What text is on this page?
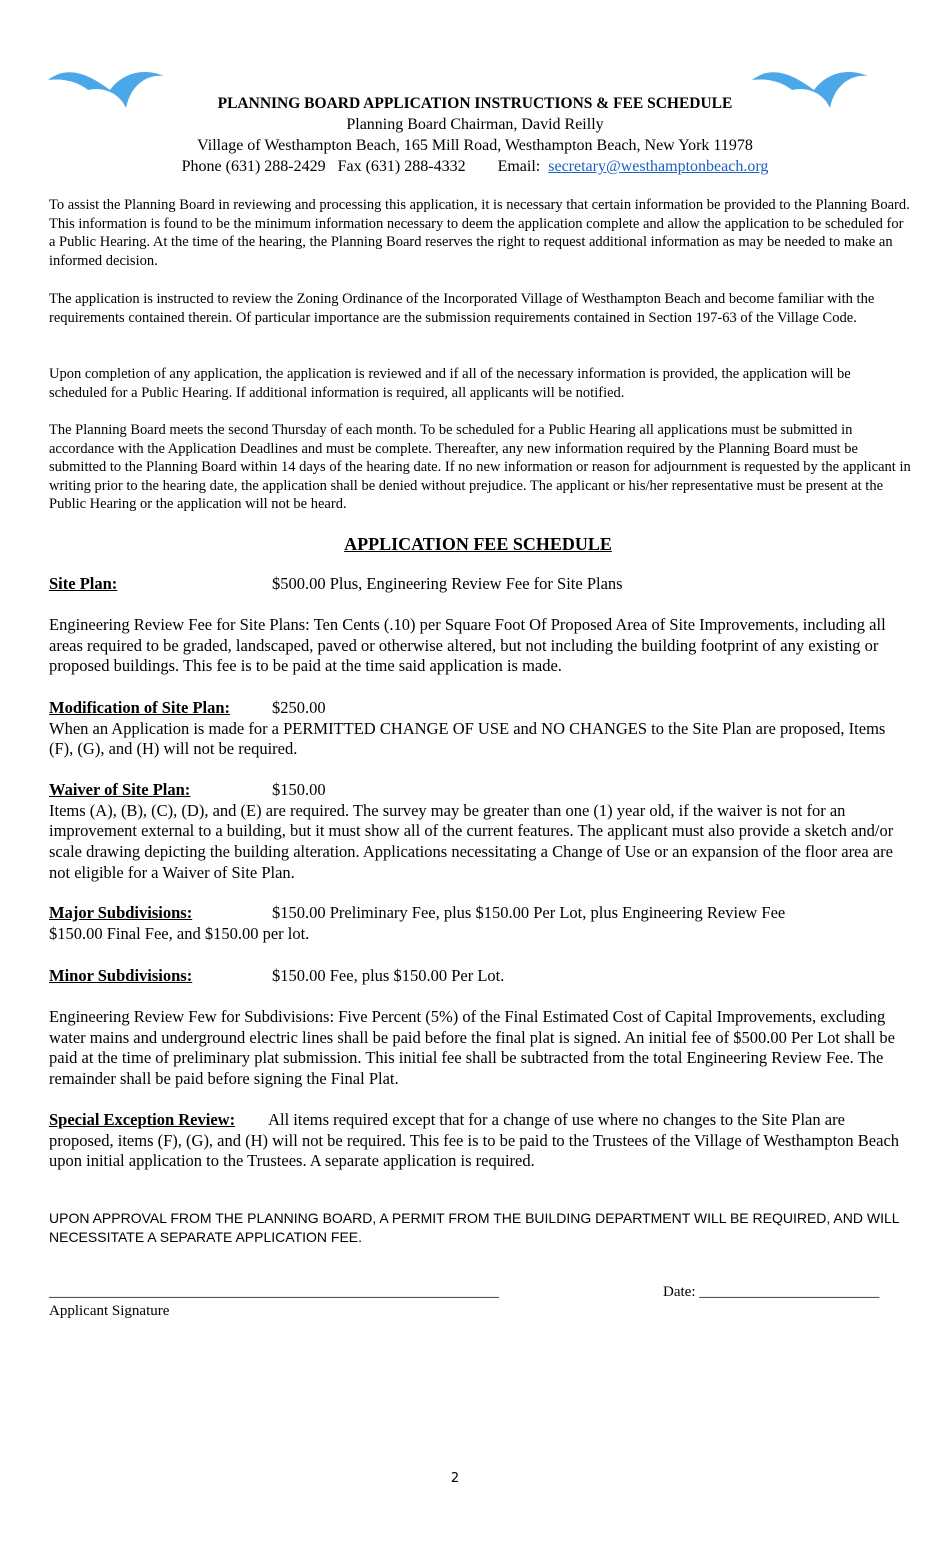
PLANNING BOARD APPLICATION INSTRUCTIONS & FEE SCHEDULE
Planning Board Chairman, David Reilly
Village of Westhampton Beach, 165 Mill Road, Westhampton Beach, New York 11978
Phone (631) 288-2429 Fax (631) 288-4332 Email: secretary@westhamptonbeach.org
To assist the Planning Board in reviewing and processing this application, it is necessary that certain information be provided to the Planning Board. This information is found to be the minimum information necessary to deem the application complete and allow the application to be scheduled for a Public Hearing. At the time of the hearing, the Planning Board reserves the right to request additional information as may be needed to make an informed decision.
The application is instructed to review the Zoning Ordinance of the Incorporated Village of Westhampton Beach and become familiar with the requirements contained therein. Of particular importance are the submission requirements contained in Section 197-63 of the Village Code.
Upon completion of any application, the application is reviewed and if all of the necessary information is provided, the application will be scheduled for a Public Hearing. If additional information is required, all applicants will be notified.
The Planning Board meets the second Thursday of each month. To be scheduled for a Public Hearing all applications must be submitted in accordance with the Application Deadlines and must be complete. Thereafter, any new information required by the Planning Board must be submitted to the Planning Board within 14 days of the hearing date. If no new information or reason for adjournment is requested by the applicant in writing prior to the hearing date, the application shall be denied without prejudice. The applicant or his/her representative must be present at the Public Hearing or the application will not be heard.
APPLICATION FEE SCHEDULE
Site Plan:	$500.00 Plus, Engineering Review Fee for Site Plans
Engineering Review Fee for Site Plans: Ten Cents (.10) per Square Foot Of Proposed Area of Site Improvements, including all areas required to be graded, landscaped, paved or otherwise altered, but not including the building footprint of any existing or proposed buildings. This fee is to be paid at the time said application is made.
Modification of Site Plan:	$250.00
When an Application is made for a PERMITTED CHANGE OF USE and NO CHANGES to the Site Plan are proposed, Items (F), (G), and (H) will not be required.
Waiver of Site Plan:	$150.00
Items (A), (B), (C), (D), and (E) are required. The survey may be greater than one (1) year old, if the waiver is not for an improvement external to a building, but it must show all of the current features. The applicant must also provide a sketch and/or scale drawing depicting the building alteration. Applications necessitating a Change of Use or an expansion of the floor area are not eligible for a Waiver of Site Plan.
Major Subdivisions:	$150.00 Preliminary Fee, plus $150.00 Per Lot, plus Engineering Review Fee
$150.00 Final Fee, and $150.00 per lot.
Minor Subdivisions:	$150.00 Fee, plus $150.00 Per Lot.
Engineering Review Few for Subdivisions: Five Percent (5%) of the Final Estimated Cost of Capital Improvements, excluding water mains and underground electric lines shall be paid before the final plat is signed. An initial fee of $500.00 Per Lot shall be paid at the time of preliminary plat submission. This initial fee shall be subtracted from the total Engineering Review Fee. The remainder shall be paid before signing the Final Plat.
Special Exception Review: All items required except that for a change of use where no changes to the Site Plan are proposed, items (F), (G), and (H) will not be required. This fee is to be paid to the Trustees of the Village of Westhampton Beach upon initial application to the Trustees. A separate application is required.
UPON APPROVAL FROM THE PLANNING BOARD, A PERMIT FROM THE BUILDING DEPARTMENT WILL BE REQUIRED, AND WILL NECESSITATE A SEPARATE APPLICATION FEE.
____________________________________________________________
Applicant Signature
Date: ________________________
2
